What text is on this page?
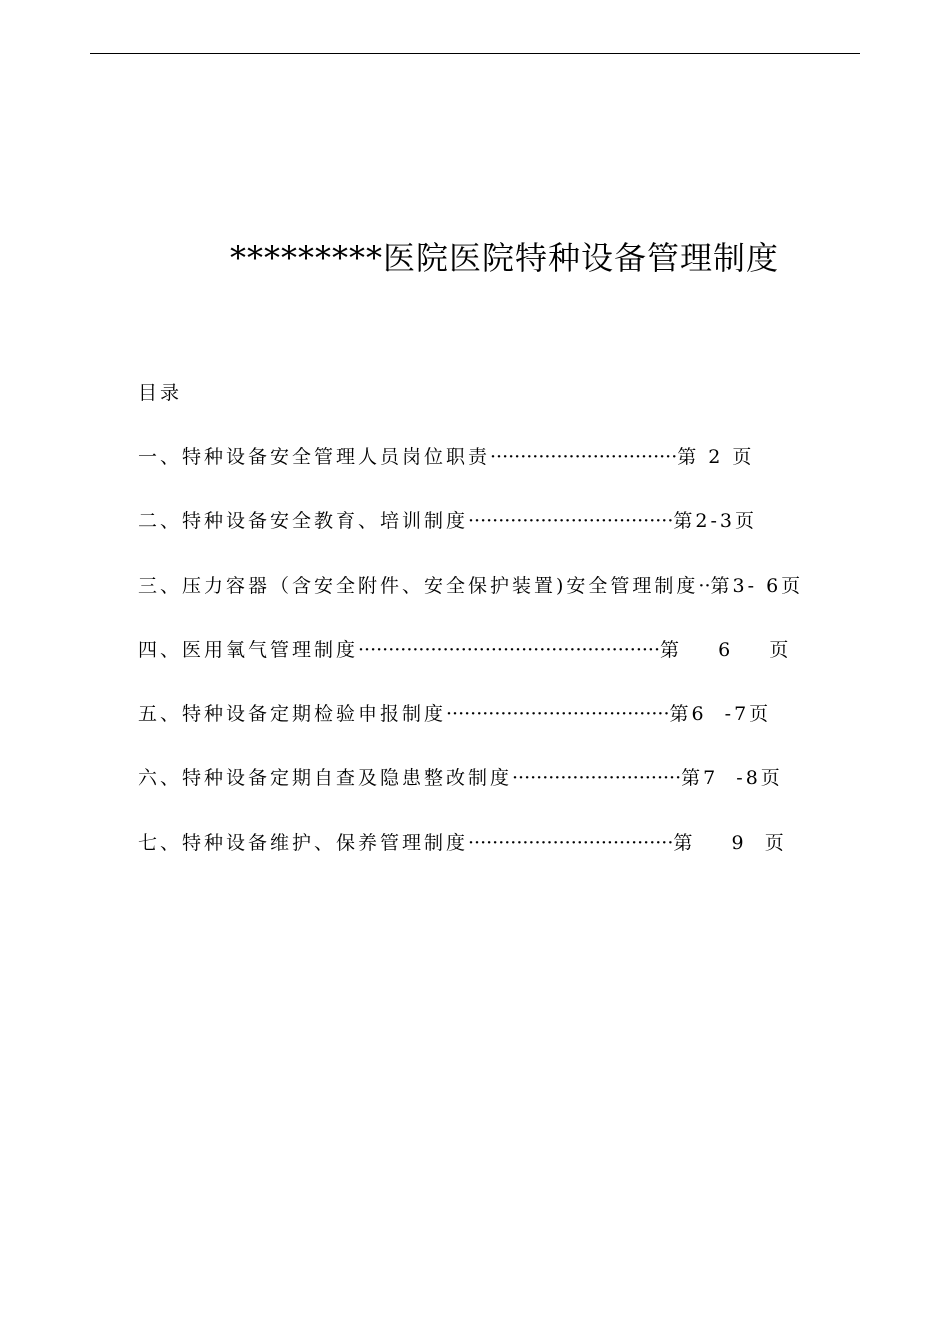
*********医院医院特种设备管理制度
目录
一、特种设备安全管理人员岗位职责·······························第 2 页
二、特种设备安全教育、培训制度··································第2-3页
三、压力容器（含安全附件、安全保护装置)安全管理制度··第3- 6页
四、医用氧气管理制度··················································第    6    页
五、特种设备定期检验申报制度·····································第6  -7页
六、特种设备定期自查及隐患整改制度····························第7  -8页
七、特种设备维护、保养管理制度··································第    9  页
